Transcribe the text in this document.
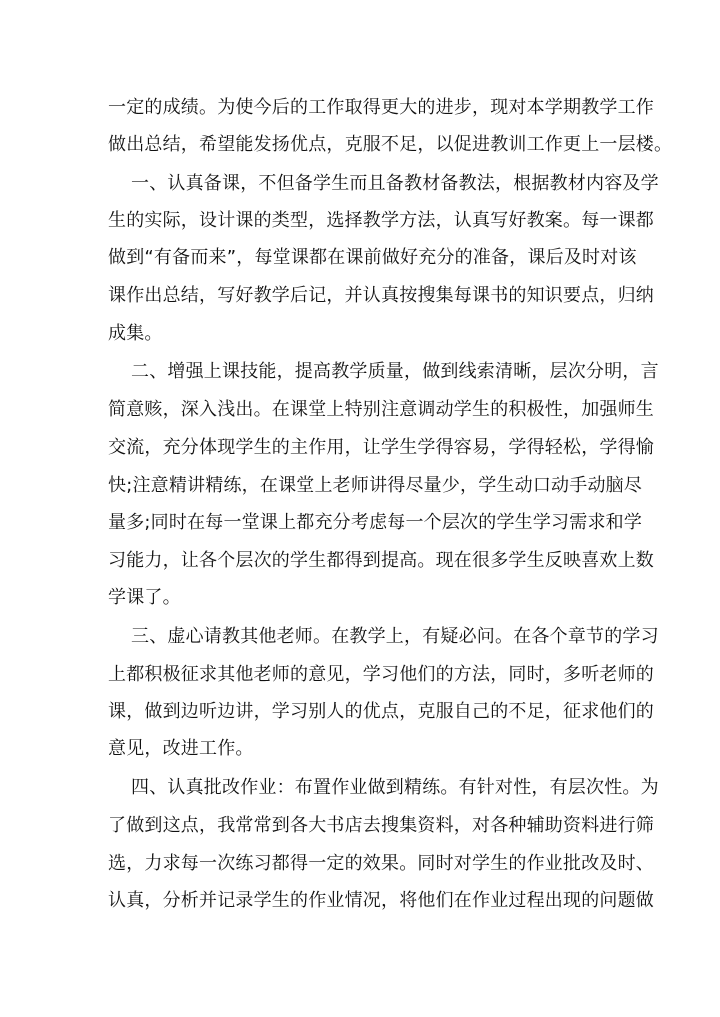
一定的成绩。为使今后的工作取得更大的进步，现对本学期教学工作

做出总结，希望能发扬优点，克服不足，以促进教训工作更上一层楼。

一、认真备课，不但备学生而且备教材备教法，根据教材内容及学

生的实际，设计课的类型，选择教学方法，认真写好教案。每一课都

做到“有备而来”，每堂课都在课前做好充分的准备，课后及时对该

课作出总结，写好教学后记，并认真按搜集每课书的知识要点，归纳

成集。

二、增强上课技能，提高教学质量，做到线索清晰，层次分明，言

简意赅，深入浅出。在课堂上特别注意调动学生的积极性，加强师生

交流，充分体现学生的主作用，让学生学得容易，学得轻松，学得愉

快;注意精讲精练，在课堂上老师讲得尽量少，学生动口动手动脑尽

量多;同时在每一堂课上都充分考虑每一个层次的学生学习需求和学

习能力，让各个层次的学生都得到提高。现在很多学生反映喜欢上数

学课了。

三、虚心请教其他老师。在教学上，有疑必问。在各个章节的学习

上都积极征求其他老师的意见，学习他们的方法，同时，多听老师的

课，做到边听边讲，学习别人的优点，克服自己的不足，征求他们的

意见，改进工作。

四、认真批改作业：布置作业做到精练。有针对性，有层次性。为

了做到这点，我常常到各大书店去搜集资料，对各种辅助资料进行筛

选，力求每一次练习都得一定的效果。同时对学生的作业批改及时、

认真，分析并记录学生的作业情况，将他们在作业过程出现的问题做
